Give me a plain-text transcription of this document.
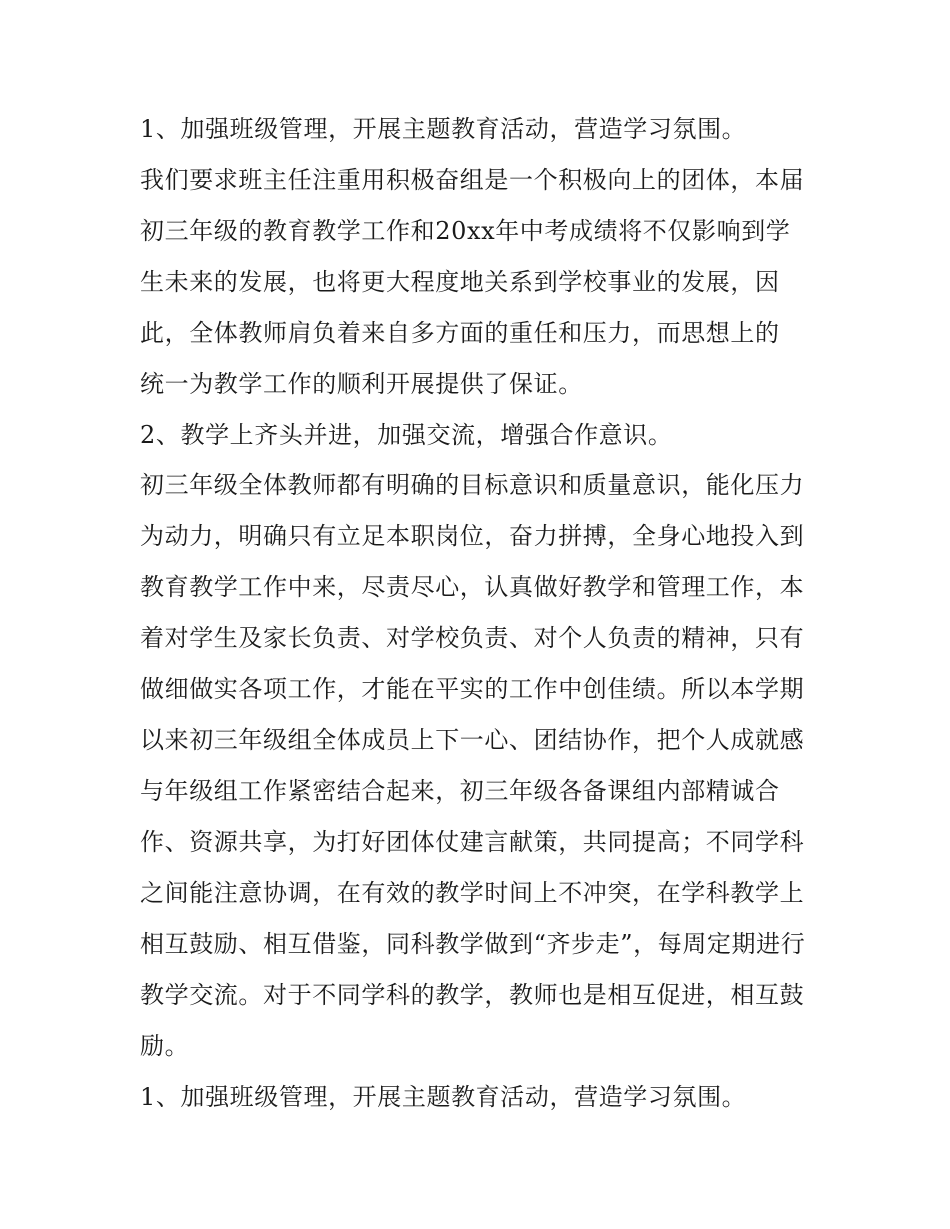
1、加强班级管理，开展主题教育活动，营造学习氛围。
我们要求班主任注重用积极奋组是一个积极向上的团体，本届
初三年级的教育教学工作和20xx年中考成绩将不仅影响到学
生未来的发展，也将更大程度地关系到学校事业的发展，因
此，全体教师肩负着来自多方面的重任和压力，而思想上的
统一为教学工作的顺利开展提供了保证。
2、教学上齐头并进，加强交流，增强合作意识。
初三年级全体教师都有明确的目标意识和质量意识，能化压力
为动力，明确只有立足本职岗位，奋力拼搏，全身心地投入到
教育教学工作中来，尽责尽心，认真做好教学和管理工作，本
着对学生及家长负责、对学校负责、对个人负责的精神，只有
做细做实各项工作，才能在平实的工作中创佳绩。所以本学期
以来初三年级组全体成员上下一心、团结协作，把个人成就感
与年级组工作紧密结合起来，初三年级各备课组内部精诚合
作、资源共享，为打好团体仗建言献策，共同提高；不同学科
之间能注意协调，在有效的教学时间上不冲突，在学科教学上
相互鼓励、相互借鉴，同科教学做到“齐步走”，每周定期进行
教学交流。对于不同学科的教学，教师也是相互促进，相互鼓
励。
1、加强班级管理，开展主题教育活动，营造学习氛围。
